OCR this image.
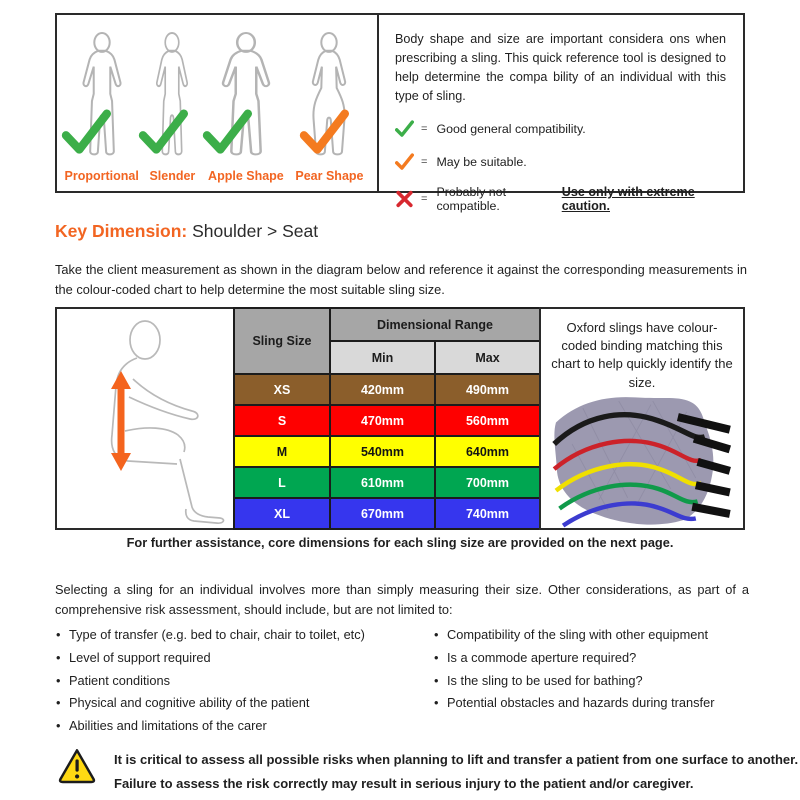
Proportional Slender	Apple Shape Pear Shape

Body shape and size are important considera ons when prescribing a sling. This quick reference tool is designed to help determine the compa bility of an individual with this type of sling.

= Good general compatibility.
= May be suitable.
= Probably not compatible.
Use only with extreme caution.
Key Dimension: Shoulder > Seat

Take the client measurement as shown in the diagram below and reference it against the corresponding measurements in the colour-coded chart to help determine the most suitable sling size.

Sling Size	Dimensional Range	
	Min	Max
XS	420mm	490mm
S	470mm	560mm
M	540mm	640mm
L	610mm	700mm
XL	670mm	740mm

Oxford slings have colour-coded binding matching this chart to help quickly identify the size.

For further assistance, core dimensions for each sling size are provided on the next page.

Selecting a sling for an individual involves more than simply measuring their size. Other considerations, as part of a comprehensive risk assessment, should include, but are not limited to:

• Type of transfer (e.g. bed to chair, chair to toilet, etc)
• Level of support required
• Patient conditions
• Physical and cognitive ability of the patient
• Abilities and limitations of the carer
• Compatibility of the sling with other equipment
• Is a commode aperture required?
• Is the sling to be used for bathing?
• Potential obstacles and hazards during transfer
It is critical to assess all possible risks when planning to lift and transfer a patient from one surface to another.
Failure to assess the risk correctly may result in serious injury to the patient and/or caregiver.
